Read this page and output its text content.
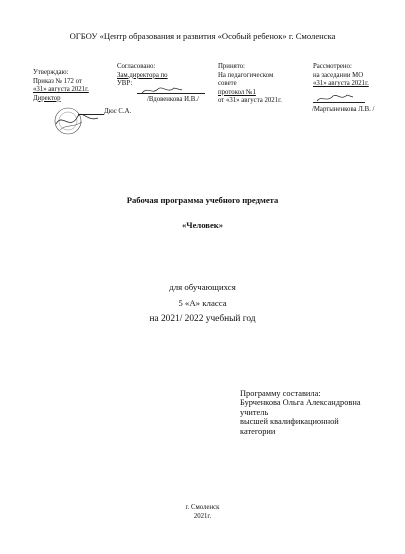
ОГБОУ «Центр образования и развития «Особый ребенок» г. Смоленска
Утверждаю:
Приказ № 172 от
«31» августа 2021г.
Директор
Дюс С.А.
Согласовано:
Зам.директора по
УВР:
/Вдовенкова И.В./
Принято:
На педагогическом
совете
протокол №1
от «31» августа 2021г.
Рассмотрено:
на заседании МО
«31» августа 2021г.
/Мартыненкова Л.В. /
Рабочая программа учебного предмета
«Человек»
для обучающихся
5 «А» класса
на 2021/ 2022 учебный год
Программу составила:
Бурченкова Ольга Александровна
учитель
высшей квалификационной
категории
г. Смоленск
2021г.
